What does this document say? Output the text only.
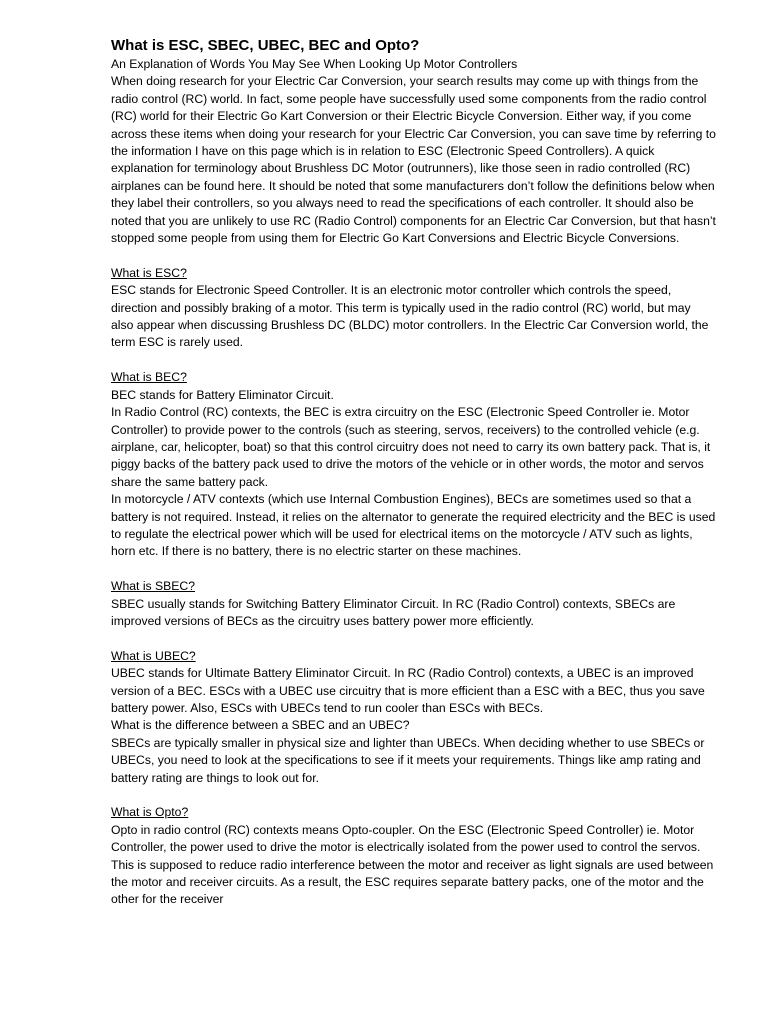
What is ESC, SBEC, UBEC, BEC and Opto?
An Explanation of Words You May See When Looking Up Motor Controllers
When doing research for your Electric Car Conversion, your search results may come up with things from the radio control (RC) world. In fact, some people have successfully used some components from the radio control (RC) world for their Electric Go Kart Conversion or their Electric Bicycle Conversion. Either way, if you come across these items when doing your research for your Electric Car Conversion, you can save time by referring to the information I have on this page which is in relation to ESC (Electronic Speed Controllers). A quick explanation for terminology about Brushless DC Motor (outrunners), like those seen in radio controlled (RC) airplanes can be found here. It should be noted that some manufacturers don’t follow the definitions below when they label their controllers, so you always need to read the specifications of each controller. It should also be noted that you are unlikely to use RC (Radio Control) components for an Electric Car Conversion, but that hasn’t stopped some people from using them for Electric Go Kart Conversions and Electric Bicycle Conversions.
What is ESC?
ESC stands for Electronic Speed Controller. It is an electronic motor controller which controls the speed, direction and possibly braking of a motor. This term is typically used in the radio control (RC) world, but may also appear when discussing Brushless DC (BLDC) motor controllers. In the Electric Car Conversion world, the term ESC is rarely used.
What is BEC?
BEC stands for Battery Eliminator Circuit.
In Radio Control (RC) contexts, the BEC is extra circuitry on the ESC (Electronic Speed Controller ie. Motor Controller) to provide power to the controls (such as steering, servos, receivers) to the controlled vehicle (e.g. airplane, car, helicopter, boat) so that this control circuitry does not need to carry its own battery pack. That is, it piggy backs of the battery pack used to drive the motors of the vehicle or in other words, the motor and servos share the same battery pack.
In motorcycle / ATV contexts (which use Internal Combustion Engines), BECs are sometimes used so that a battery is not required. Instead, it relies on the alternator to generate the required electricity and the BEC is used to regulate the electrical power which will be used for electrical items on the motorcycle / ATV such as lights, horn etc. If there is no battery, there is no electric starter on these machines.
What is SBEC?
SBEC usually stands for Switching Battery Eliminator Circuit. In RC (Radio Control) contexts, SBECs are improved versions of BECs as the circuitry uses battery power more efficiently.
What is UBEC?
UBEC stands for Ultimate Battery Eliminator Circuit. In RC (Radio Control) contexts, a UBEC is an improved version of a BEC. ESCs with a UBEC use circuitry that is more efficient than a ESC with a BEC, thus you save battery power. Also, ESCs with UBECs tend to run cooler than ESCs with BECs.
What is the difference between a SBEC and an UBEC?
SBECs are typically smaller in physical size and lighter than UBECs. When deciding whether to use SBECs or UBECs, you need to look at the specifications to see if it meets your requirements. Things like amp rating and battery rating are things to look out for.
What is Opto?
Opto in radio control (RC) contexts means Opto-coupler. On the ESC (Electronic Speed Controller) ie. Motor Controller, the power used to drive the motor is electrically isolated from the power used to control the servos. This is supposed to reduce radio interference between the motor and receiver as light signals are used between the motor and receiver circuits. As a result, the ESC requires separate battery packs, one of the motor and the other for the receiver
